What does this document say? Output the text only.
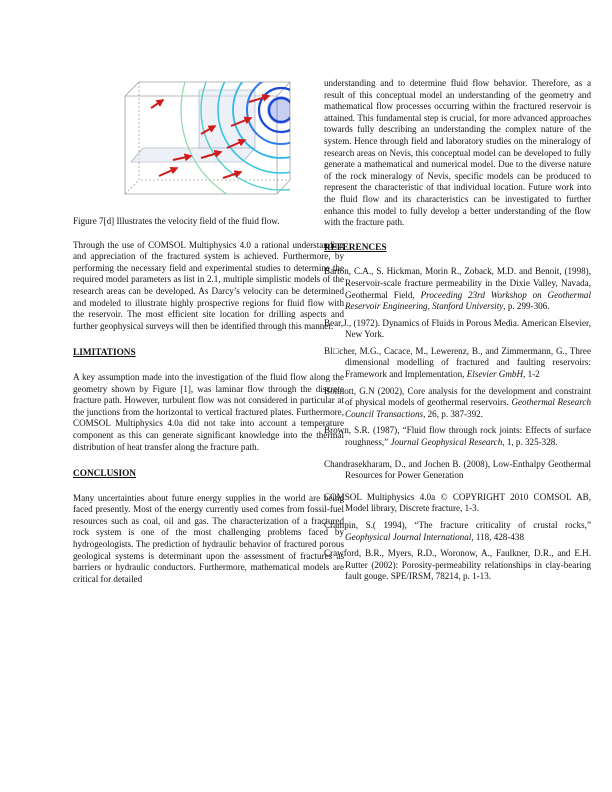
Figure 7[d] Illustrates the velocity field of the fluid flow.

Through the use of COMSOL Multiphysics 4.0 a rational understanding and appreciation of the fractured system is achieved. Furthermore, by performing the necessary field and experimental studies to determine the required model parameters as list in 2.1, multiple simplistic models of the research areas can be developed. As Darcy’s velocity can be determined and modeled to illustrate highly prospective regions for fluid flow with the reservoir. The most efficient site location for drilling aspects and further geophysical surveys will then be identified through this manner.

LIMITATIONS

A key assumption made into the investigation of the fluid flow along the geometry shown by Figure [1], was laminar flow through the discrete fracture path. However, turbulent flow was not considered in particular at the junctions from the horizontal to vertical fractured plates. Furthermore, COMSOL Multiphysics 4.0a did not take into account a temperature component as this can generate significant knowledge into the thermal distribution of heat transfer along the fracture path.

CONCLUSION

Many uncertainties about future energy supplies in the world are being faced presently. Most of the energy currently used comes from fossil-fuel resources such as coal, oil and gas. The characterization of a fractured rock system is one of the most challenging problems faced by hydrogeologists. The prediction of hydraulic behavior of fractured porous geological systems is determinant upon the assessment of fractures as barriers or hydraulic conductors. Furthermore, mathematical models are critical for detailed

understanding and to determine fluid flow behavior. Therefore, as a result of this conceptual model an understanding of the geometry and mathematical flow processes occurring within the fractured reservoir is attained. This fundamental step is crucial, for more advanced approaches towards fully describing an understanding the complex nature of the system. Hence through field and laboratory studies on the mineralogy of research areas on Nevis, this conceptual model can be developed to fully generate a mathematical and numerical model. Due to the diverse nature of the rock mineralogy of Nevis, specific models can be produced to represent the characteristic of that individual location. Future work into the fluid flow and its characteristics can be investigated to further enhance this model to fully develop a better understanding of the flow with the fracture path.

REFERENCES
Barton, C.A., S. Hickman, Morin R., Zoback, M.D. and Benoit, (1998), Reservoir-scale fracture permeability in the Dixie Valley, Navada, Geothermal Field, Proceeding 23rd Workshop on Geothermal Reservoir Engineering, Stanford University, p. 299-306.
Bear,J., (1972). Dynamics of Fluids in Porous Media. American Elsevier, New York.
Bl□cher, M.G., Cacace, M., Lewerenz, B., and Zimmermann, G., Three dimensional modelling of fractured and faulting reservoirs: Framework and Implementation, Elsevier GmbH, 1-2
Boitnott, G.N (2002), Core analysis for the development and constraint of physical models of geothermal reservoirs. Geothermal Research Council Transactions, 26, p. 387-392.
Brown, S.R. (1987), “Fluid flow through rock joints: Effects of surface roughness,” Journal Geophysical Research, 1, p. 325-328.
Chandrasekharam, D., and Jochen B. (2008), Low-Enthalpy Geothermal Resources for Power Generation
COMSOL Multiphysics 4.0a © COPYRIGHT 2010 COMSOL AB, Model library, Discrete fracture, 1-3.
Crampin, S.( 1994), “The fracture criticality of crustal rocks,” Geophysical Journal International, 118, 428-438
Crawford, B.R., Myers, R.D., Woronow, A., Faulkner, D.R., and E.H. Rutter (2002): Porosity-permeability relationships in clay-bearing fault gouge. SPE/IRSM, 78214, p. 1-13.
